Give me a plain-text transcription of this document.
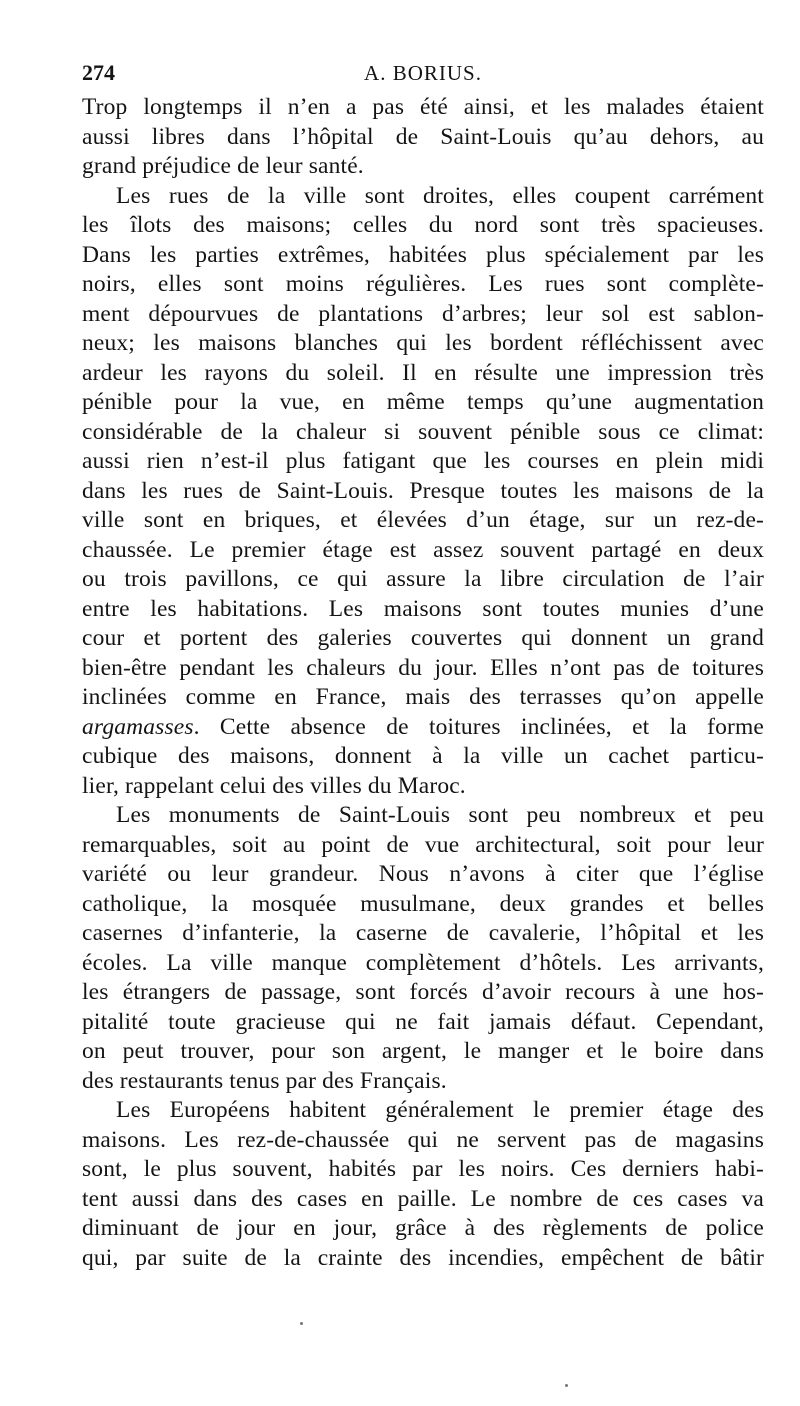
274	A. BORIUS.
Trop longtemps il n’en a pas été ainsi, et les malades étaient
aussi libres dans l’hôpital de Saint-Louis qu’au dehors, au
grand préjudice de leur santé.
Les rues de la ville sont droites, elles coupent carrément
les îlots des maisons; celles du nord sont très spacieuses.
Dans les parties extrêmes, habitées plus spécialement par les
noirs, elles sont moins régulières. Les rues sont complète-
ment dépourvues de plantations d’arbres; leur sol est sablon-
neux; les maisons blanches qui les bordent réfléchissent avec
ardeur les rayons du soleil. Il en résulte une impression très
pénible pour la vue, en même temps qu’une augmentation
considérable de la chaleur si souvent pénible sous ce climat:
aussi rien n’est-il plus fatigant que les courses en plein midi
dans les rues de Saint-Louis. Presque toutes les maisons de la
ville sont en briques, et élevées d’un étage, sur un rez-de-
chaussée. Le premier étage est assez souvent partagé en deux
ou trois pavillons, ce qui assure la libre circulation de l’air
entre les habitations. Les maisons sont toutes munies d’une
cour et portent des galeries couvertes qui donnent un grand
bien-être pendant les chaleurs du jour. Elles n’ont pas de toitures
inclinées comme en France, mais des terrasses qu’on appelle
argamasses. Cette absence de toitures inclinées, et la forme
cubique des maisons, donnent à la ville un cachet particu-
lier, rappelant celui des villes du Maroc.
Les monuments de Saint-Louis sont peu nombreux et peu
remarquables, soit au point de vue architectural, soit pour leur
variété ou leur grandeur. Nous n’avons à citer que l’église
catholique, la mosquée musulmane, deux grandes et belles
casernes d’infanterie, la caserne de cavalerie, l’hôpital et les
écoles. La ville manque complètement d’hôtels. Les arrivants,
les étrangers de passage, sont forcés d’avoir recours à une hos-
pitalité toute gracieuse qui ne fait jamais défaut. Cependant,
on peut trouver, pour son argent, le manger et le boire dans
des restaurants tenus par des Français.
Les Européens habitent généralement le premier étage des
maisons. Les rez-de-chaussée qui ne servent pas de magasins
sont, le plus souvent, habités par les noirs. Ces derniers habi-
tent aussi dans des cases en paille. Le nombre de ces cases va
diminuant de jour en jour, grâce à des règlements de police
qui, par suite de la crainte des incendies, empêchent de bâtir
